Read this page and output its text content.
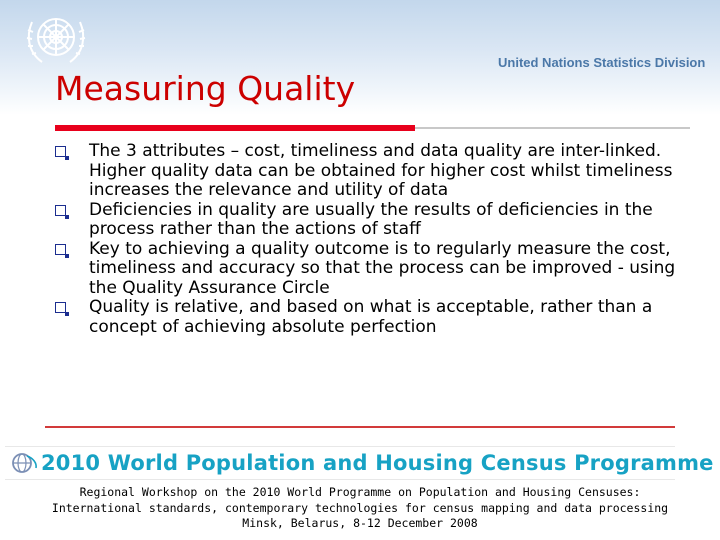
United Nations Statistics Division
Measuring Quality
The 3 attributes – cost, timeliness and data quality are inter-linked. Higher quality data can be obtained for higher cost whilst timeliness increases the relevance and utility of data
Deficiencies in quality are usually the results of deficiencies in the process rather than the actions of staff
Key to achieving a quality outcome is to regularly measure the cost, timeliness and accuracy so that the process can be improved - using the Quality Assurance Circle
Quality is relative, and based on what is acceptable, rather than a concept of achieving absolute perfection
2010 World Population and Housing Census Programme
Regional Workshop on the 2010 World Programme on Population and Housing Censuses:
International standards, contemporary technologies for census mapping and data processing
Minsk, Belarus, 8-12 December 2008
